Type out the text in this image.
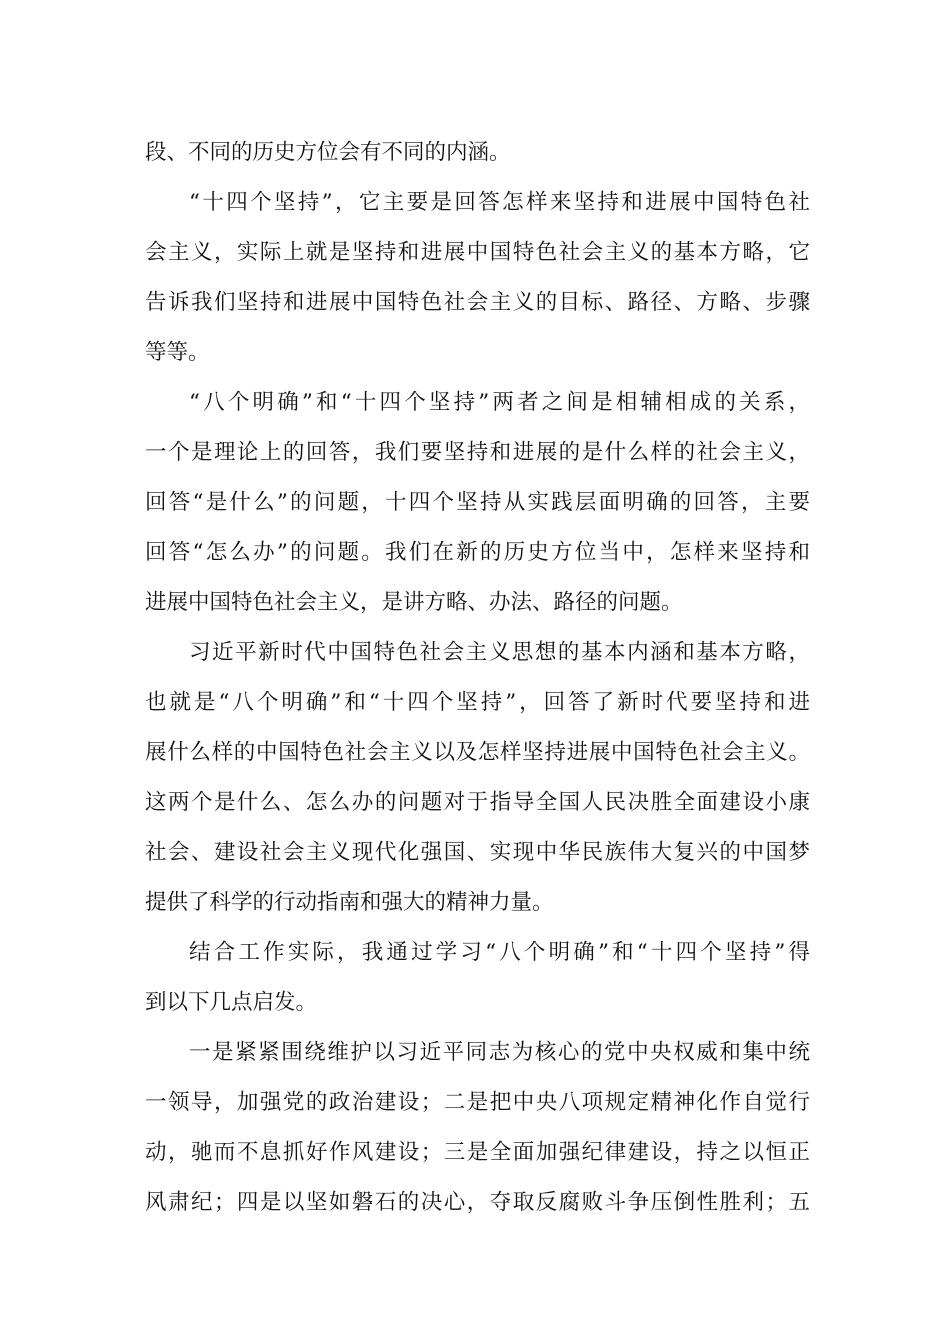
段、不同的历史方位会有不同的内涵。
“十四个坚持”，它主要是回答怎样来坚持和进展中国特色社
会主义，实际上就是坚持和进展中国特色社会主义的基本方略，它
告诉我们坚持和进展中国特色社会主义的目标、路径、方略、步骤
等等。
“八个明确”和“十四个坚持”两者之间是相辅相成的关系，
一个是理论上的回答，我们要坚持和进展的是什么样的社会主义，
回答“是什么”的问题，十四个坚持从实践层面明确的回答，主要
回答“怎么办”的问题。我们在新的历史方位当中，怎样来坚持和
进展中国特色社会主义，是讲方略、办法、路径的问题。
习近平新时代中国特色社会主义思想的基本内涵和基本方略，
也就是“八个明确”和“十四个坚持”，回答了新时代要坚持和进
展什么样的中国特色社会主义以及怎样坚持进展中国特色社会主义。
这两个是什么、怎么办的问题对于指导全国人民决胜全面建设小康
社会、建设社会主义现代化强国、实现中华民族伟大复兴的中国梦
提供了科学的行动指南和强大的精神力量。
结合工作实际，我通过学习“八个明确”和“十四个坚持”得
到以下几点启发。
一是紧紧围绕维护以习近平同志为核心的党中央权威和集中统
一领导，加强党的政治建设；二是把中央八项规定精神化作自觉行
动，驰而不息抓好作风建设；三是全面加强纪律建设，持之以恒正
风肃纪；四是以坚如磐石的决心，夺取反腐败斗争压倒性胜利；五
